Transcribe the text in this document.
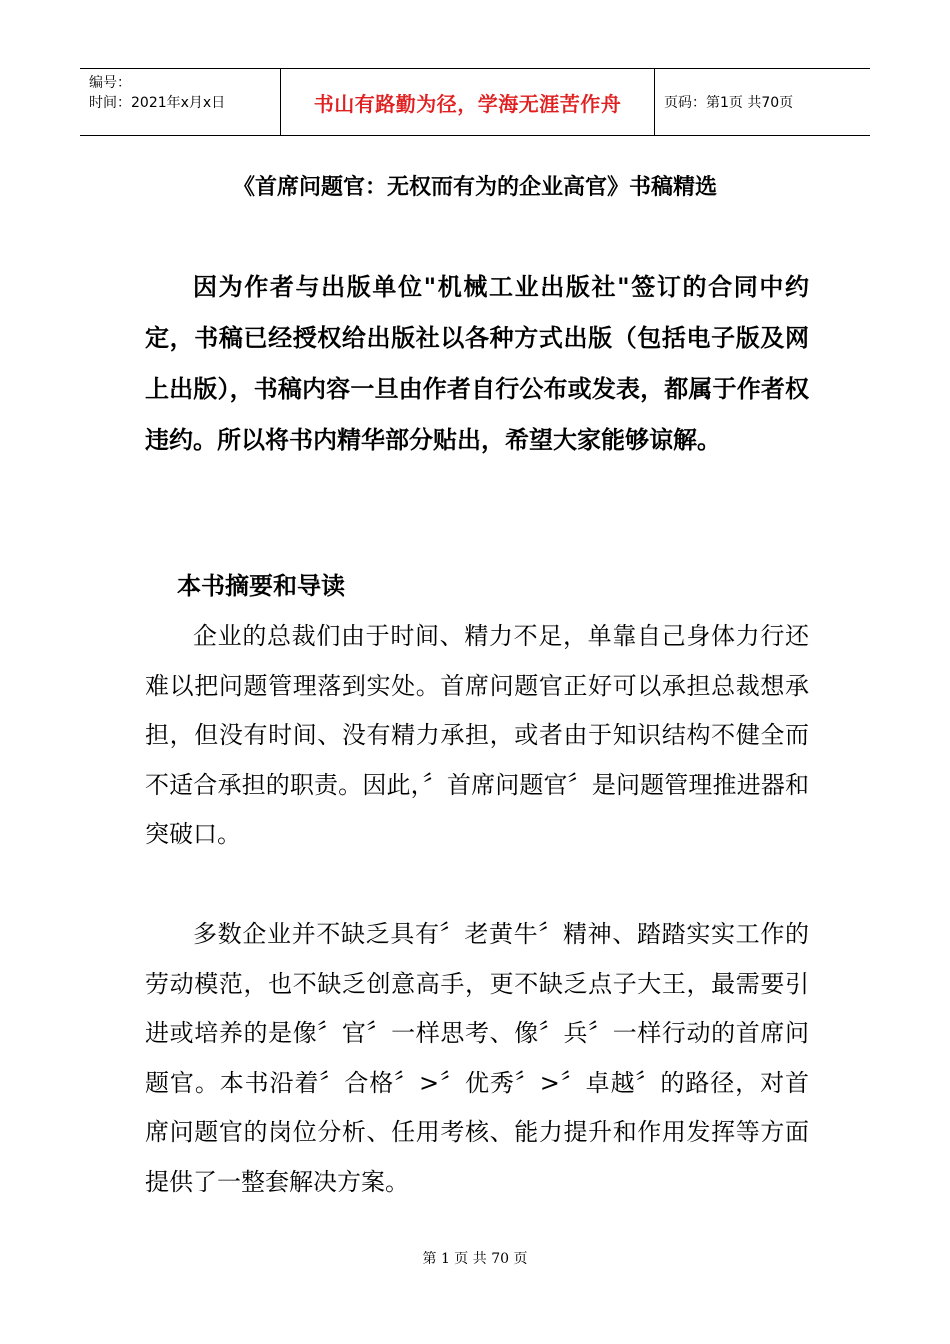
编号：
时间：2021年x月x日	书山有路勤为径，学海无涯苦作舟	页码：第1页 共70页
《首席问题官：无权而有为的企业高官》书稿精选

因为作者与出版单位"机械工业出版社"签订的合同中约定，书稿已经授权给出版社以各种方式出版（包括电子版及网上出版），书稿内容一旦由作者自行公布或发表，都属于作者权违约。所以将书内精华部分贴出，希望大家能够谅解。

本书摘要和导读

企业的总裁们由于时间、精力不足，单靠自己身体力行还难以把问题管理落到实处。首席问题官正好可以承担总裁想承担，但没有时间、没有精力承担，或者由于知识结构不健全而不适合承担的职责。因此，〞首席问题官〞是问题管理推进器和突破口。

多数企业并不缺乏具有〞老黄牛〞精神、踏踏实实工作的劳动模范，也不缺乏创意高手，更不缺乏点子大王，最需要引进或培养的是像〞官〞一样思考、像〞兵〞一样行动的首席问题官。本书沿着〞合格〞>〞优秀〞>〞卓越〞的路径，对首席问题官的岗位分析、任用考核、能力提升和作用发挥等方面提供了一整套解决方案。

第 1 页 共 70 页
